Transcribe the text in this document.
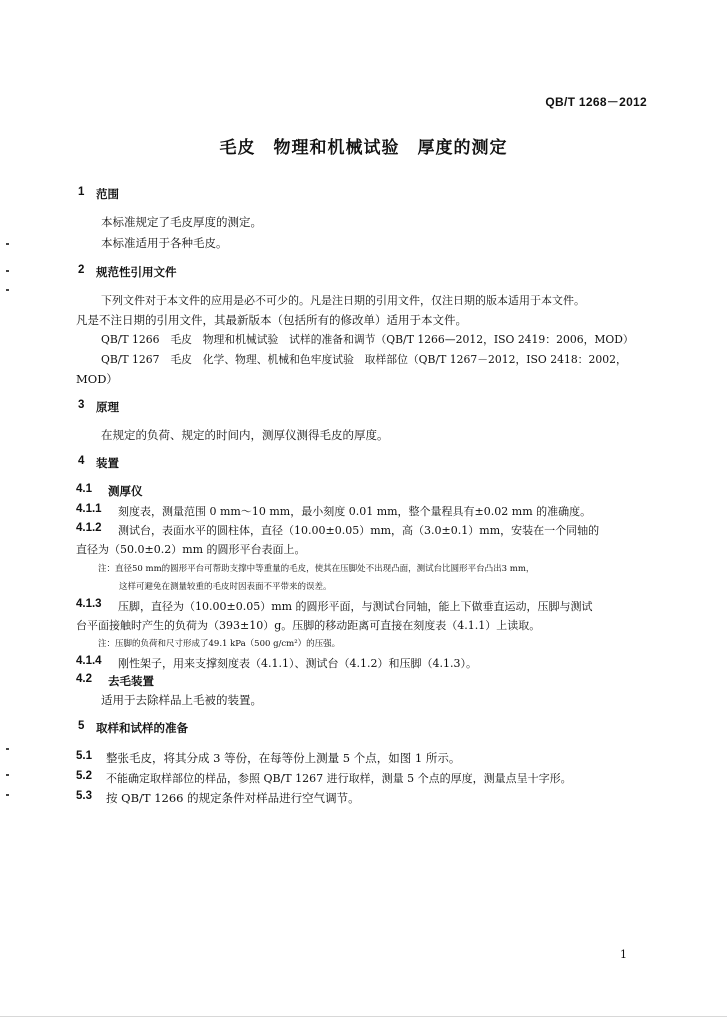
QB/T 1268－2012
毛皮　物理和机械试验　厚度的测定
1 范围
本标准规定了毛皮厚度的测定。
本标准适用于各种毛皮。
2 规范性引用文件
下列文件对于本文件的应用是必不可少的。凡是注日期的引用文件，仅注日期的版本适用于本文件。
凡是不注日期的引用文件，其最新版本（包括所有的修改单）适用于本文件。
QB/T 1266　毛皮　物理和机械试验　试样的准备和调节（QB/T 1266—2012，ISO 2419：2006，MOD）
QB/T 1267　毛皮　化学、物理、机械和色牢度试验　取样部位（QB/T 1267－2012，ISO 2418：2002，
MOD）
3 原理
在规定的负荷、规定的时间内，测厚仪测得毛皮的厚度。
4 装置
4.1 测厚仪
4.1.1 刻度表，测量范围 0 mm～10 mm，最小刻度 0.01 mm，整个量程具有±0.02 mm 的准确度。
4.1.2 测试台，表面水平的圆柱体，直径（10.00±0.05）mm，高（3.0±0.1）mm，安装在一个同轴的
直径为（50.0±0.2）mm 的圆形平台表面上。
注：直径50 mm的圆形平台可帮助支撑中等重量的毛皮，使其在压脚处不出现凸面，测试台比圆形平台凸出3 mm，
这样可避免在测量较重的毛皮时因表面不平带来的误差。
4.1.3 压脚，直径为（10.00±0.05）mm 的圆形平面，与测试台同轴，能上下做垂直运动，压脚与测试
台平面接触时产生的负荷为（393±10）g。压脚的移动距离可直接在刻度表（4.1.1）上读取。
注：压脚的负荷和尺寸形成了49.1 kPa（500 g/cm²）的压强。
4.1.4 刚性架子，用来支撑刻度表（4.1.1）、测试台（4.1.2）和压脚（4.1.3）。
4.2 去毛装置
适用于去除样品上毛被的装置。
5 取样和试样的准备
5.1 整张毛皮，将其分成 3 等份，在每等份上测量 5 个点，如图 1 所示。
5.2 不能确定取样部位的样品，参照 QB/T 1267 进行取样，测量 5 个点的厚度，测量点呈十字形。
5.3 按 QB/T 1266 的规定条件对样品进行空气调节。
1
